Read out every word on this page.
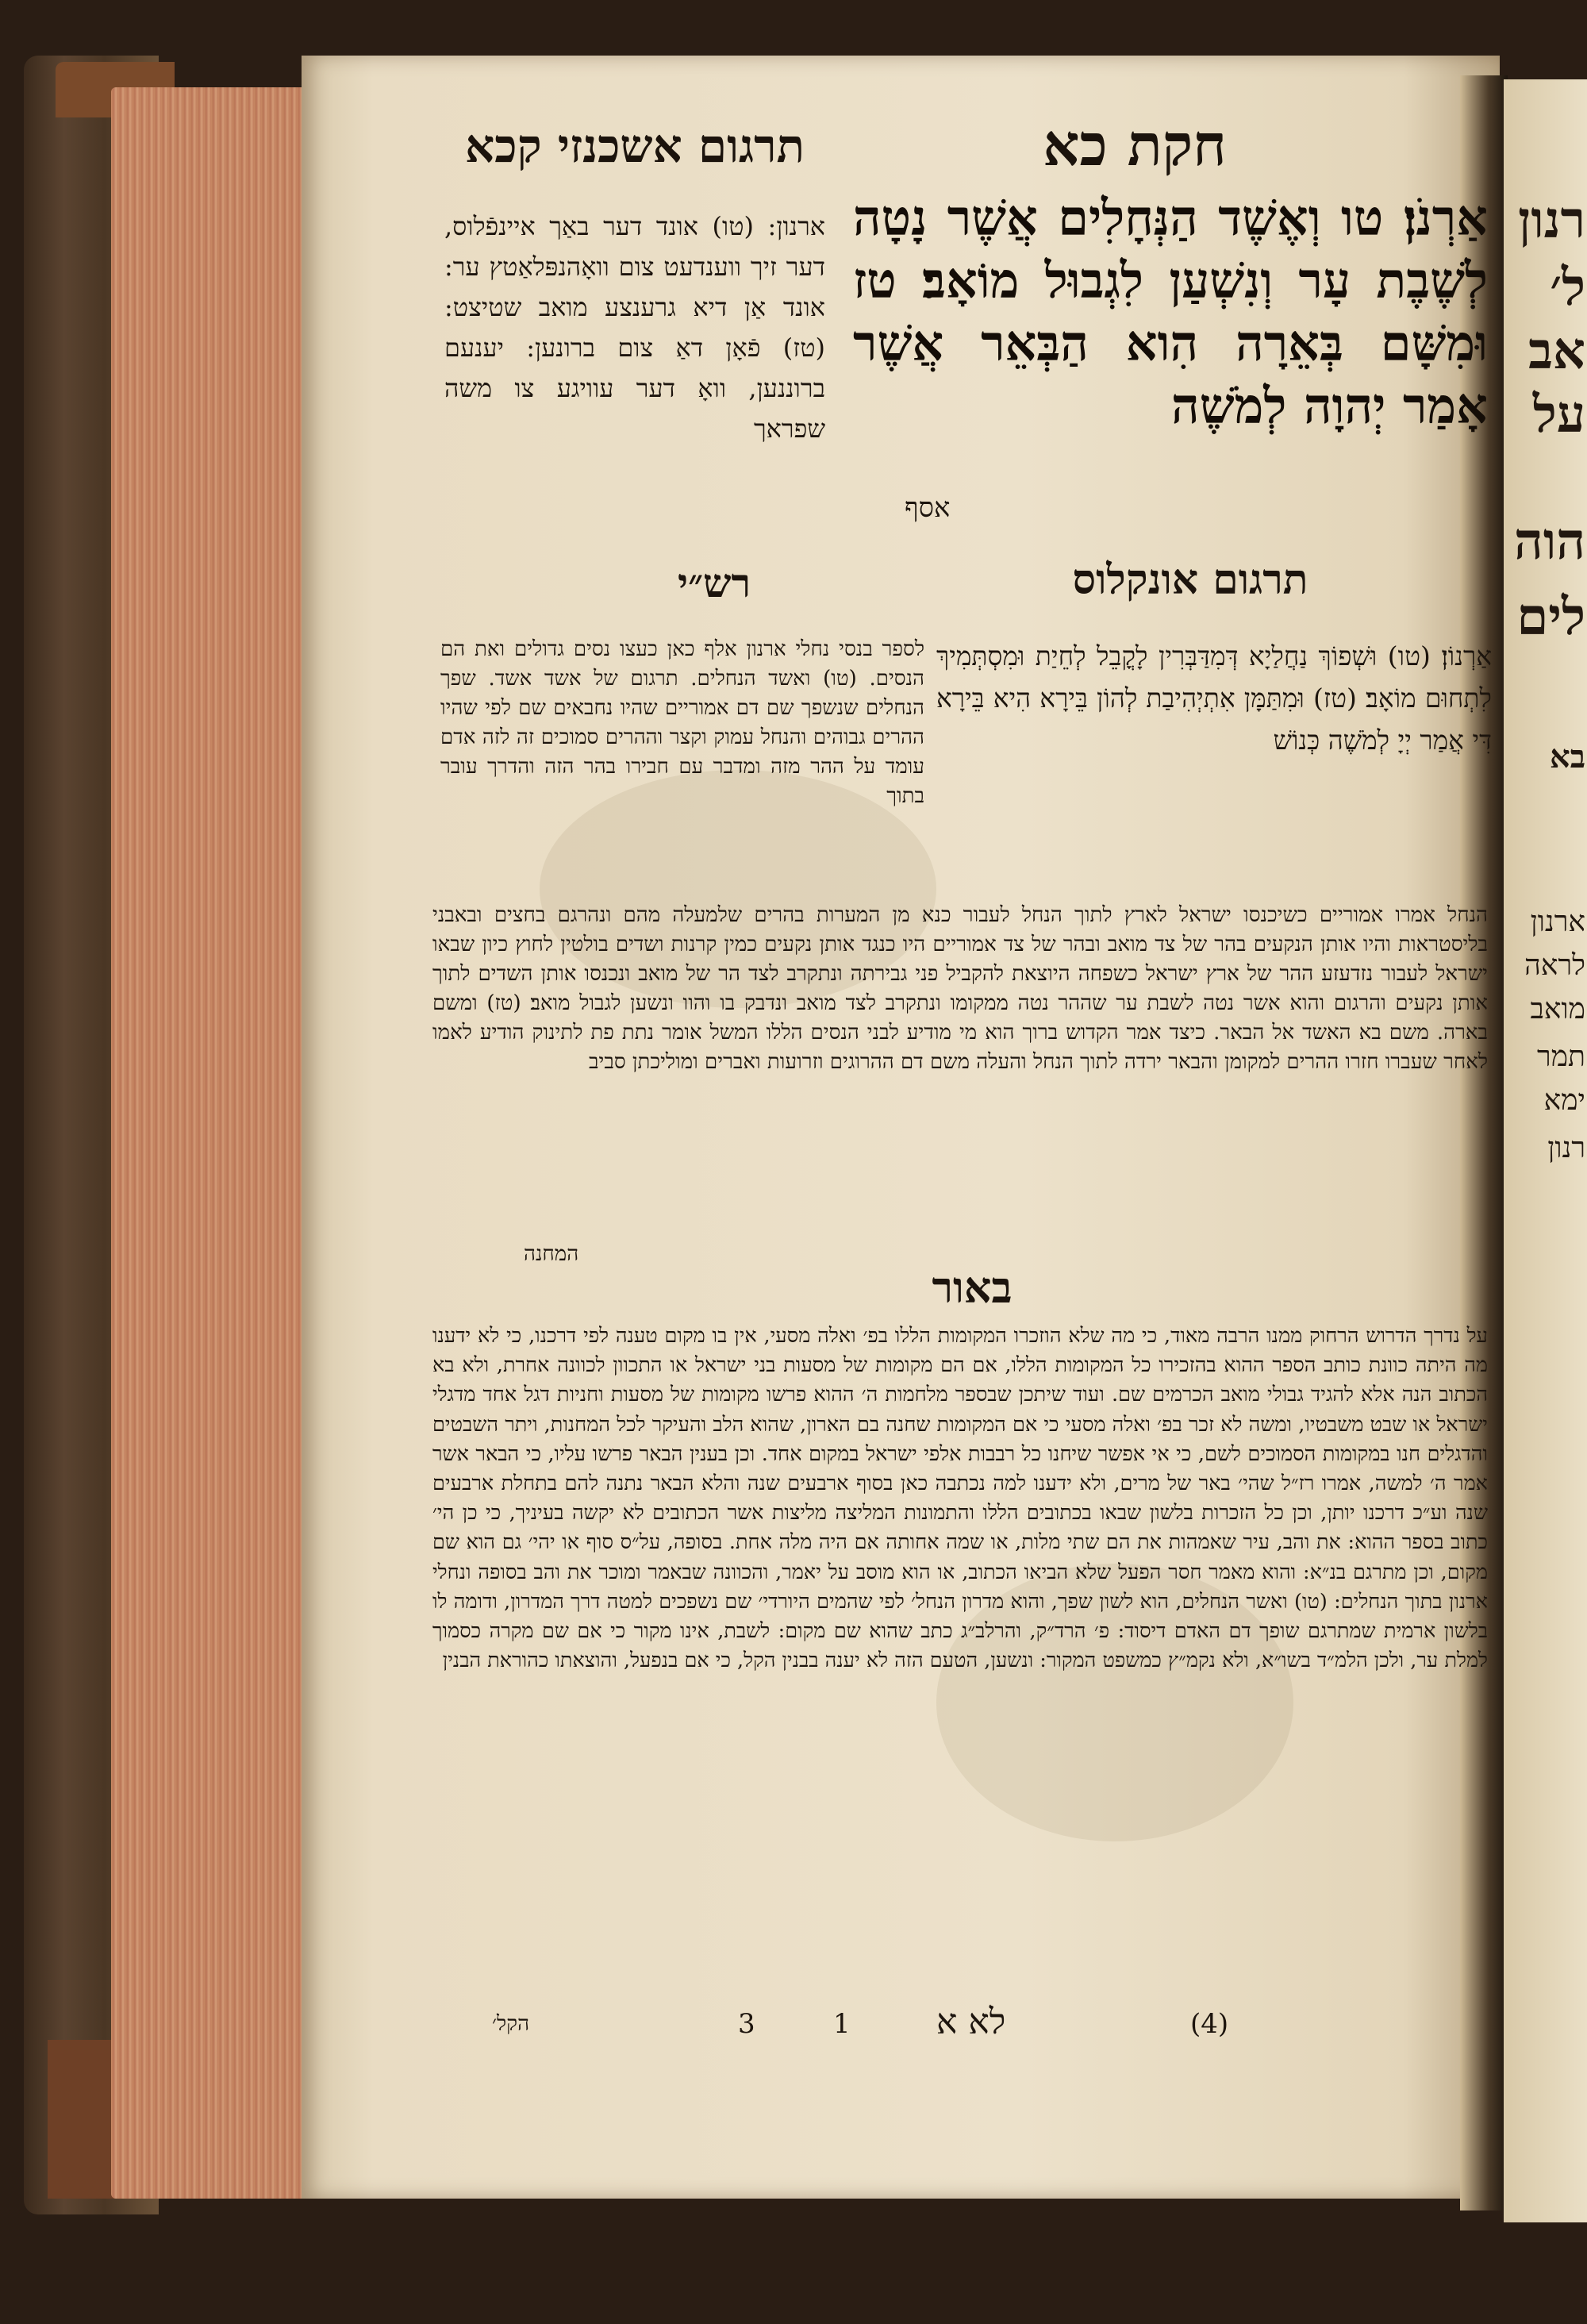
רנון
ל׳
אב
על
הוה
לים
בא
ארנון
לראה
מואב
תמר
ימא
רנון
תרגום אשכנזי קכא	חקת כא
אַרְנֹן׃ טו וְאֶשֶׁד הַנְּחָלִים אֲשֶׁר נָטָה לְשֶׁבֶת עָר וְנִשְׁעַן לִגְבוּל מוֹאָב׃ טז וּמִשָּׁם בְּאֵרָה הִוא הַבְּאֵר אֲשֶׁר אָמַר יְהוָה לְמֹשֶׁה
אסף
ארנון: (טו) אונד דער באַך איינפֿלוס, דער זיך ווענדעט צום וואָהנפּלאַטץ ער: אונד אַן דיא גרענצע מואב שטיצט: (טז) פֿאָן דאַ צום ברונען: יענעם ברוננען, וואָ דער עוויגע צו משה שפראך
תרגום אונקלוס
אַרְנוֹן׃ (טו) וּשְׁפוֹךְ נַחֲלַיָא דְּמִדַּבְּרִין לָקֳבֵל לְחֵיַת וּמִסְתְּמִיךְ לִתְחוּם מוֹאָב׃ (טז) וּמִתַּמָּן אִתְיְהִיבַת לְהוֹן בֵּירָא הִיא בֵּירָא דִּי אֲמַר יְיָ לְמֹשֶׁה כְּנוֹשׁ
רש״י
לספר בנסי נחלי ארנון אלף כאן כעצו נסים גדולים ואת הם הנסים. (טו) ואשד הנחלים. תרגום של אשד אשד. שפך הנחלים שנשפך שם דם אמוריים שהיו נחבאים שם לפי שהיו ההרים גבוהים והנחל עמוק וקצר וההרים סמוכים זה לזה אדם עומד על ההר מזה ומדבר עם חבירו בהר הזה והדרך עובר בתוך
הנחל אמרו אמוריים כשיכנסו ישראל לארץ לתוך הנחל לעבור כנא מן המערות בהרים שלמעלה מהם ונהרגם בחצים ובאבני בליסטראות והיו אותן הנקעים בהר של צד מואב ובהר של צד אמוריים היו כנגד אותן נקעים כמין קרנות ושדים בולטין לחוץ כיון שבאו ישראל לעבור נזדעזע ההר של ארץ ישראל כשפחה היוצאת להקביל פני גבירתה ונתקרב לצד הר של מואב ונכנסו אותן השדים לתוך אותן נקעים והרגום והוא אשר נטה לשבת ער שההר נטה ממקומו ונתקרב לצד מואב ונדבק בו והוו ונשען לגבול מואב׃ (טז) ומשם בארה. משם בא האשד אל הבאר. כיצד אמר הקדוש ברוך הוא מי מודיע לבני הנסים הללו המשל אומר נתת פת לתינוק הודיע לאמו לאחר שעברו חזרו ההרים למקומן והבאר ירדה לתוך הנחל והעלה משם דם ההרוגים וזרועות ואברים ומוליכתן סביב
המחנה
באור
על נדרך הדרוש הרחוק ממנו הרבה מאוד, כי מה שלא הוזכרו המקומות הללו בפ׳ ואלה מסעי, אין בו מקום טענה לפי דרכנו, כי לא ידענו מה היתה כוונת כותב הספר ההוא בהזכירו כל המקומות הללו, אם הם מקומות של מסעות בני ישראל או התכוון לכוונה אחרת, ולא בא הכתוב הנה אלא להגיד גבולי מואב הכרמים שם. ועוד שיתכן שבספר מלחמות ה׳ ההוא פרשו מקומות של מסעות וחניות דגל אחד מדגלי ישראל או שבט משבטיו, ומשה לא זכר בפ׳ ואלה מסעי כי אם המקומות שחנה בם הארון, שהוא הלב והעיקר לכל המחנות, ויתר השבטים והדגלים חנו במקומות הסמוכים לשם, כי אי אפשר שיחנו כל רבבות אלפי ישראל במקום אחד. וכן בענין הבאר פרשו עליו, כי הבאר אשר אמר ה׳ למשה, אמרו רז״ל שהי׳ באר של מרים, ולא ידענו למה נכתבה כאן בסוף ארבעים שנה והלא הבאר נתנה להם בתחלת ארבעים שנה וע״כ דרכנו יותן, וכן כל הזכרות בלשון שבאו בכתובים הללו והתמונות המליצה מליצות אשר הכתובים לא יקשה בעיניך, כי כן הי׳ כתוב בספר ההוא: את והב, עיר שאמהות את הם שתי מלות, או שמה אחותה אם היה מלה אחת. בסופה, על״ס סוף או יהי׳ גם הוא שם מקום, וכן מתרגם בנ״א: והוא מאמר חסר הפעל שלא הביאו הכתוב, או הוא מוסב על יאמר, והכוונה שבאמר ומוכר את והב בסופה ונחלי ארנון בתוך הנחלים: (טו) ואשר הנחלים, הוא לשון שפך, והוא מדרון הנחל׳ לפי שהמים היורדי׳ שם נשפכים למטה דרך המדרון, ודומה לו בלשון ארמית שמתרגם שופך דם האדם דיסוד: פ׳ הרד״ק, והרלב״ג כתב שהוא שם מקום: לשבת, אינו מקור כי אם שם מקרה כסמוך למלת ער, ולכן הלמ״ד בשו״א, ולא נקמ״ץ כמשפט המקור: ונשען, הטעם הזה לא יענה בבנין הקל, כי אם בנפעל, והוצאתו כהוראת הבנין
הקל׳	3	1 לא א	(4)
